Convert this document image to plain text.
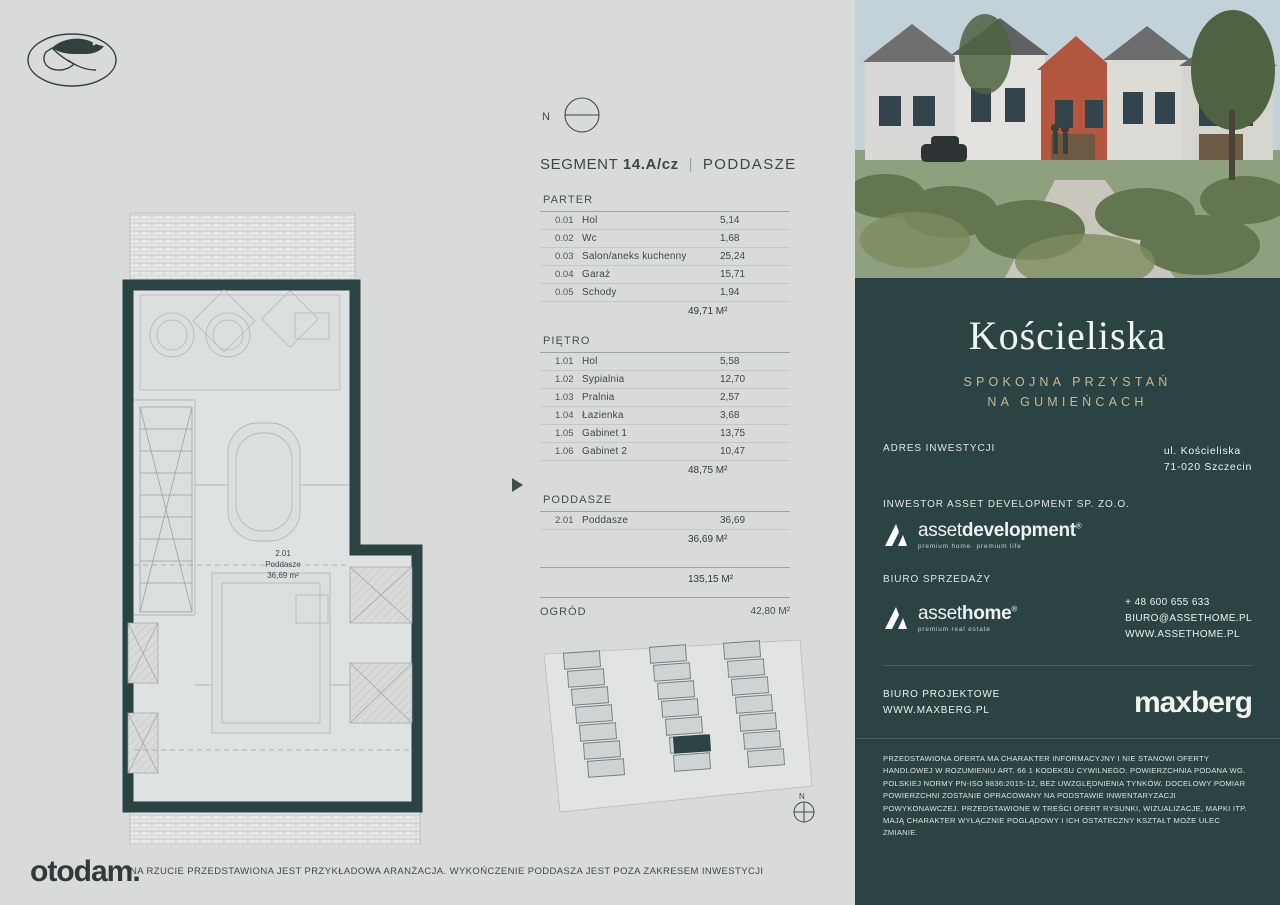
N
SEGMENT 14.A/cz | PODDASZE
PARTER
0.01	Hol	5,14
0.02	Wc	1,68
0.03	Salon/aneks kuchenny	25,24
0.04	Garaż	15,71
0.05	Schody	1,94
49,71 M²
PIĘTRO
1.01	Hol	5,58
1.02	Sypialnia	12,70
1.03	Pralnia	2,57
1.04	Łazienka	3,68
1.05	Gabinet 1	13,75
1.06	Gabinet 2	10,47
48,75 M²
PODDASZE
2.01	Poddasze	36,69
36,69 M²
135,15 M²
OGRÓD	42,80 M²
2.01
Poddasze
36,69 m²
N
NA RZUCIE PRZEDSTAWIONA JEST PRZYKŁADOWA ARANŻACJA. WYKOŃCZENIE PODDASZA JEST POZA ZAKRESEM INWESTYCJI
otodam.
Kościeliska
SPOKOJNA PRZYSTAŃ
NA GUMIEŃCACH
ADRES INWESTYCJI	ul. Kościeliska
71-020 Szczecin
INWESTOR ASSET DEVELOPMENT SP. ZO.O.
assetdevelopment®
premium home· premium life
BIURO SPRZEDAŻY
assethome®
premium real estate
+ 48 600 655 633
BIURO@ASSETHOME.PL
WWW.ASSETHOME.PL
BIURO PROJEKTOWE
WWW.MAXBERG.PL	maxberg
PRZEDSTAWIONA OFERTA MA CHARAKTER INFORMACYJNY I NIE STANOWI OFERTY HANDLOWEJ W ROZUMIENIU ART. 66 1 KODEKSU CYWILNEGO. POWIERZCHNIA PODANA WG. POLSKIEJ NORMY PN-ISO 9836:2015-12, BEZ UWZGLĘDNIENIA TYNKÓW. DOCELOWY POMIAR POWIERZCHNI ZOSTANIE OPRACOWANY NA PODSTAWIE INWENTARYZACJI POWYKONAWCZEJ. PRZEDSTAWIONE W TREŚCI OFERT RYSUNKI, WIZUALIZACJE, MAPKI ITP. MAJĄ CHARAKTER WYŁĄCZNIE POGLĄDOWY I ICH OSTATECZNY KSZTAŁT MOŻE ULEC ZMIANIE.
